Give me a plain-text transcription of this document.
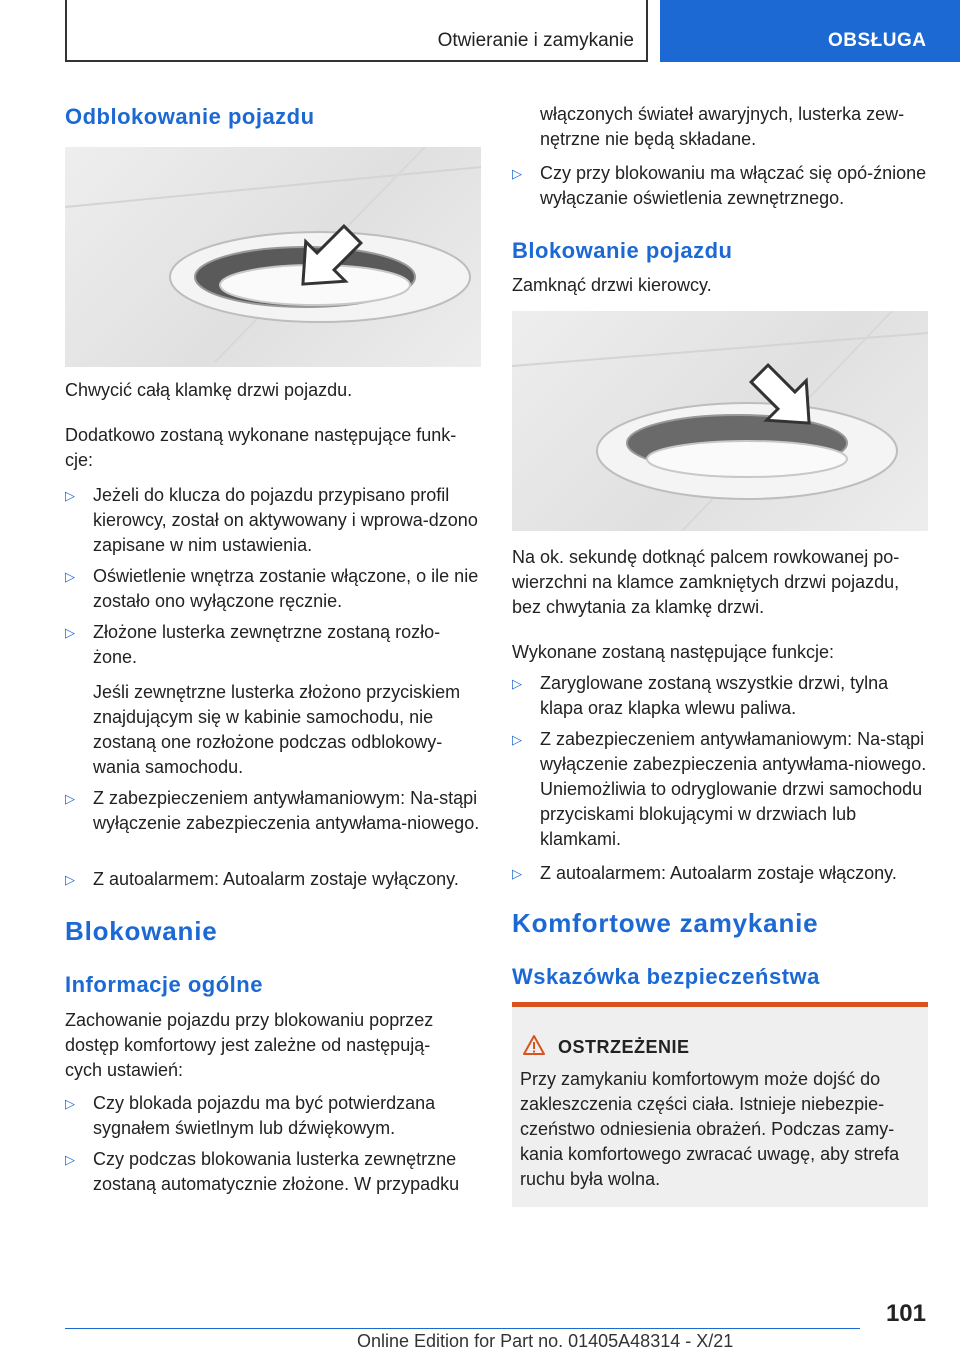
Otwieranie i zamykanie	OBSŁUGA
Odblokowanie pojazdu

Chwycić całą klamkę drzwi pojazdu.

Dodatkowo zostaną wykonane następujące funk-
cje:

▷ Jeżeli do klucza do pojazdu przypisano profil kierowcy, został on aktywowany i wprowa-dzono zapisane w nim ustawienia.
▷ Oświetlenie wnętrza zostanie włączone, o ile nie zostało ono wyłączone ręcznie.
▷ Złożone lusterka zewnętrzne zostaną rozło-żone.
Jeśli zewnętrzne lusterka złożono przyciskiem znajdującym się w kabinie samochodu, nie zostaną one rozłożone podczas odblokowy-wania samochodu.
▷ Z zabezpieczeniem antywłamaniowym: Na-stąpi wyłączenie zabezpieczenia antywłama-niowego.
▷ Z autoalarmem: Autoalarm zostaje wyłączony.
Blokowanie
Informacje ogólne

Zachowanie pojazdu przy blokowaniu poprzez dostęp komfortowy jest zależne od następują-cych ustawień:

▷ Czy blokada pojazdu ma być potwierdzana sygnałem świetlnym lub dźwiękowym.
▷ Czy podczas blokowania lusterka zewnętrzne zostaną automatycznie złożone. W przypadku
włączonych świateł awaryjnych, lusterka zew-nętrzne nie będą składane.
▷ Czy przy blokowaniu ma włączać się opó-źnione wyłączanie oświetlenia zewnętrznego.
Blokowanie pojazdu

Zamknąć drzwi kierowcy.

Na ok. sekundę dotknąć palcem rowkowanej po-wierzchni na klamce zamkniętych drzwi pojazdu, bez chwytania za klamkę drzwi.

Wykonane zostaną następujące funkcje:

▷ Zaryglowane zostaną wszystkie drzwi, tylna klapa oraz klapka wlewu paliwa.
▷ Z zabezpieczeniem antywłamaniowym: Na-stąpi wyłączenie zabezpieczenia antywłama-niowego. Uniemożliwia to odryglowanie drzwi samochodu przyciskami blokującymi w drzwiach lub klamkami.
▷ Z autoalarmem: Autoalarm zostaje włączony.
Komfortowe zamykanie
Wskazówka bezpieczeństwa
OSTRZEŻENIE
Przy zamykaniu komfortowym może dojść do zakleszczenia części ciała. Istnieje niebezpie-czeństwo odniesienia obrażeń. Podczas zamy-kania komfortowego zwracać uwagę, aby strefa ruchu była wolna.
101
Online Edition for Part no. 01405A48314 - X/21
